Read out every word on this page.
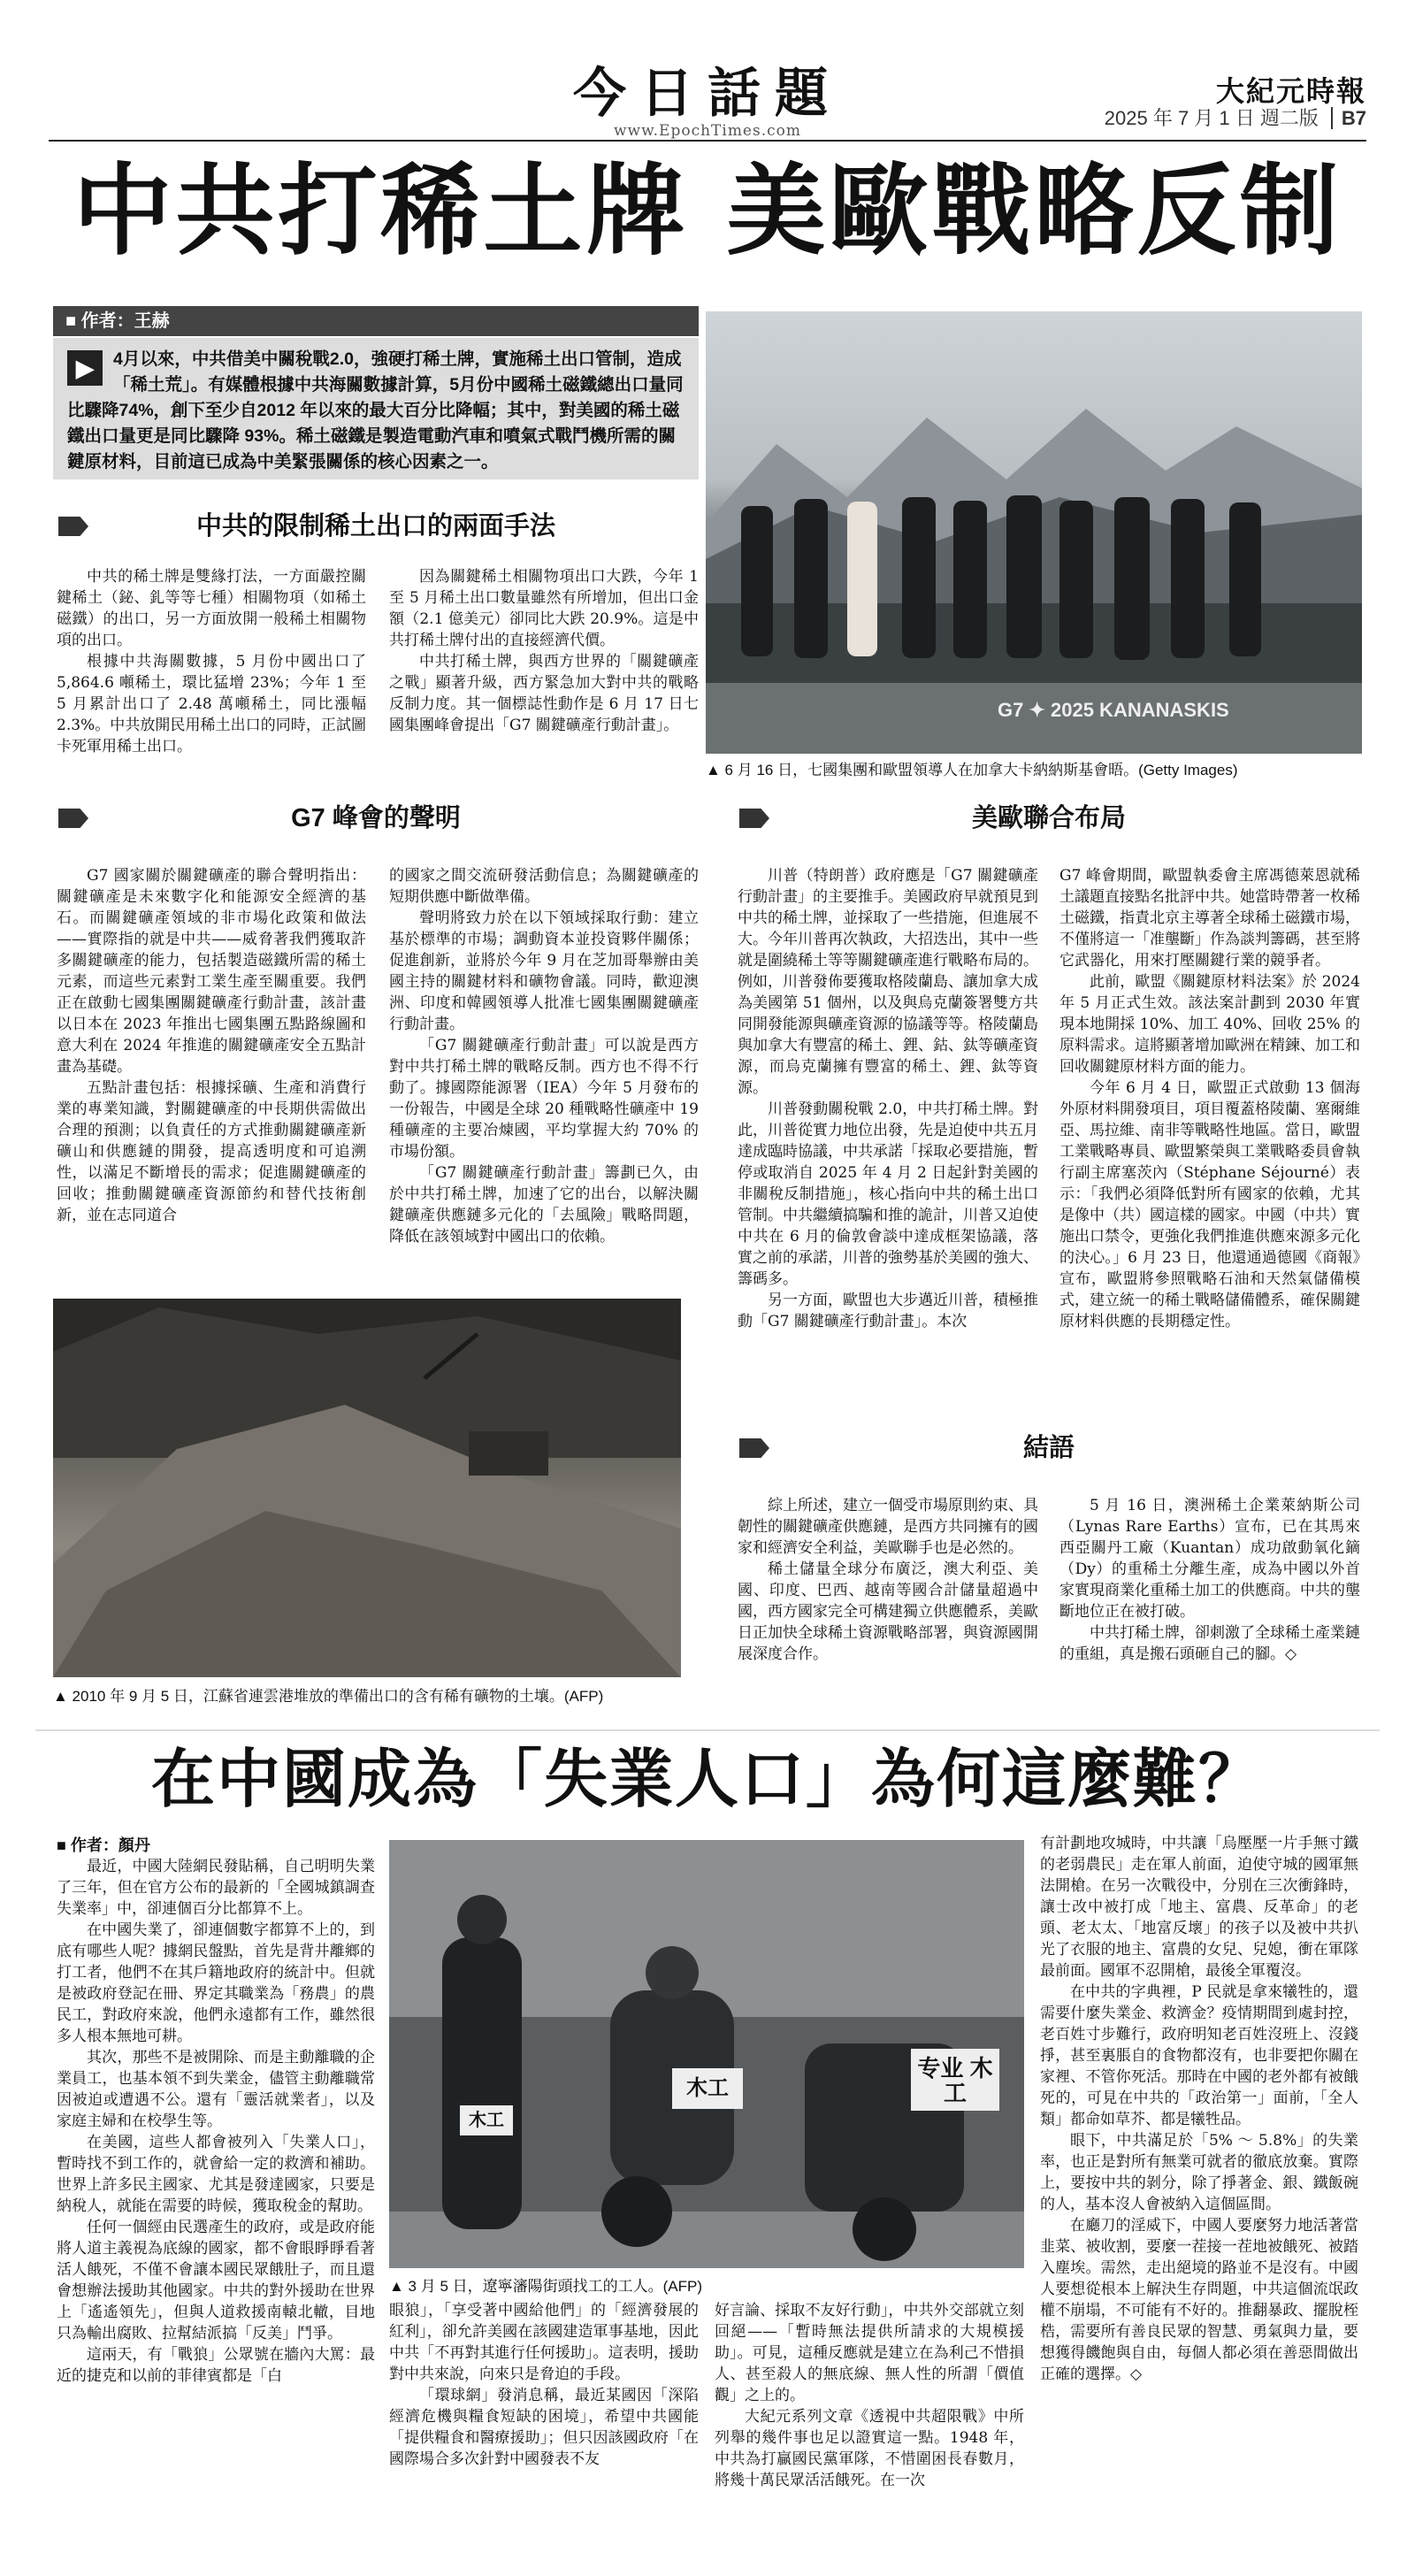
今日話題
www.EpochTimes.com
大紀元時報
2025 年 7 月 1 日 週二版 B7
中共打稀土牌 美歐戰略反制
■ 作者：王赫
▶	4月以來，中共借美中關稅戰2.0，強硬打稀土牌，實施稀土出口管制，造成「稀土荒」。有媒體根據中共海關數據計算，5月份中國稀土磁鐵總出口量同比驟降74%，創下至少自2012 年以來的最大百分比降幅；其中，對美國的稀土磁鐵出口量更是同比驟降 93%。稀土磁鐵是製造電動汽車和噴氣式戰鬥機所需的關鍵原材料，目前這已成為中美緊張關係的核心因素之一。
G7 ✦ 2025 KANANASKIS
▲ 6 月 16 日，七國集團和歐盟領導人在加拿大卡納納斯基會晤。(Getty Images)
中共的限制稀土出口的兩面手法

中共的稀土牌是雙緣打法，一方面嚴控關鍵稀土（鉍、釓等等七種）相關物項（如稀土磁鐵）的出口，另一方面放開一般稀土相關物項的出口。

根據中共海關數據，5 月份中國出口了 5,864.6 噸稀土，環比猛增 23%；今年 1 至 5 月累計出口了 2.48 萬噸稀土，同比漲幅 2.3%。中共放開民用稀土出口的同時，正試圖卡死軍用稀土出口。

因為關鍵稀土相關物項出口大跌，今年 1 至 5 月稀土出口數量雖然有所增加，但出口金額（2.1 億美元）卻同比大跌 20.9%。這是中共打稀土牌付出的直接經濟代價。

中共打稀土牌，與西方世界的「關鍵礦產之戰」顯著升級，西方緊急加大對中共的戰略反制力度。其一個標誌性動作是 6 月 17 日七國集團峰會提出「G7 關鍵礦產行動計畫」。

G7 峰會的聲明

G7 國家關於關鍵礦產的聯合聲明指出：關鍵礦產是未來數字化和能源安全經濟的基石。而關鍵礦產領域的非市場化政策和做法——實際指的就是中共——威脅著我們獲取許多關鍵礦產的能力，包括製造磁鐵所需的稀土元素，而這些元素對工業生產至關重要。我們正在啟動七國集團關鍵礦產行動計畫，該計畫以日本在 2023 年推出七國集團五點路線圖和意大利在 2024 年推進的關鍵礦產安全五點計畫為基礎。

五點計畫包括：根據採礦、生產和消費行業的專業知識，對關鍵礦產的中長期供需做出合理的預測；以負責任的方式推動關鍵礦產新礦山和供應鏈的開發，提高透明度和可追溯性，以滿足不斷增長的需求；促進關鍵礦產的回收；推動關鍵礦產資源節約和替代技術創新，並在志同道合

的國家之間交流研發活動信息；為關鍵礦產的短期供應中斷做準備。

聲明將致力於在以下領域採取行動：建立基於標準的市場；調動資本並投資夥伴關係；促進創新，並將於今年 9 月在芝加哥舉辦由美國主持的關鍵材料和礦物會議。同時，歡迎澳洲、印度和韓國領導人批准七國集團關鍵礦產行動計畫。

「G7 關鍵礦產行動計畫」可以說是西方對中共打稀土牌的戰略反制。西方也不得不行動了。據國際能源署（IEA）今年 5 月發布的一份報告，中國是全球 20 種戰略性礦產中 19 種礦產的主要冶煉國，平均掌握大約 70% 的市場份額。

「G7 關鍵礦產行動計畫」籌劃已久，由於中共打稀土牌，加速了它的出台，以解決關鍵礦產供應鏈多元化的「去風險」戰略問題，降低在該領域對中國出口的依賴。

美歐聯合布局

川普（特朗普）政府應是「G7 關鍵礦產行動計畫」的主要推手。美國政府早就預見到中共的稀土牌，並採取了一些措施，但進展不大。今年川普再次執政，大招迭出，其中一些就是圍繞稀土等等關鍵礦產進行戰略布局的。例如，川普發佈要獲取格陵蘭島、讓加拿大成為美國第 51 個州，以及與烏克蘭簽署雙方共同開發能源與礦產資源的協議等等。格陵蘭島與加拿大有豐富的稀土、鋰、鈷、鈦等礦產資源，而烏克蘭擁有豐富的稀土、鋰、鈦等資源。

川普發動關稅戰 2.0，中共打稀土牌。對此，川普從實力地位出發，先是迫使中共五月達成臨時協議，中共承諾「採取必要措施，暫停或取消自 2025 年 4 月 2 日起針對美國的非關稅反制措施」，核心指向中共的稀土出口管制。中共繼續搞騙和推的詭計，川普又迫使中共在 6 月的倫敦會談中達成框架協議，落實之前的承諾，川普的強勢基於美國的強大、籌碼多。

另一方面，歐盟也大步邁近川普，積極推動「G7 關鍵礦產行動計畫」。本次

G7 峰會期間，歐盟執委會主席馮德萊恩就稀土議題直接點名批評中共。她當時帶著一枚稀土磁鐵，指責北京主導著全球稀土磁鐵市場，不僅將這一「准壟斷」作為談判籌碼，甚至將它武器化，用來打壓關鍵行業的競爭者。

此前，歐盟《關鍵原材料法案》於 2024 年 5 月正式生效。該法案計劃到 2030 年實現本地開採 10%、加工 40%、回收 25% 的原料需求。這將顯著增加歐洲在精鍊、加工和回收關鍵原材料方面的能力。

今年 6 月 4 日，歐盟正式啟動 13 個海外原材料開發項目，項目覆蓋格陵蘭、塞爾維亞、馬拉維、南非等戰略性地區。當日，歐盟工業戰略專員、歐盟繁榮與工業戰略委員會執行副主席塞茨內（Stéphane Séjourné）表示：「我們必須降低對所有國家的依賴，尤其是像中（共）國這樣的國家。中國（中共）實施出口禁令，更強化我們推進供應來源多元化的決心。」6 月 23 日，他還通過德國《商報》宣布，歐盟將參照戰略石油和天然氣儲備模式，建立統一的稀土戰略儲備體系，確保關鍵原材料供應的長期穩定性。

▲ 2010 年 9 月 5 日，江蘇省連雲港堆放的準備出口的含有稀有礦物的土壤。(AFP)
結語

綜上所述，建立一個受市場原則約束、具韌性的關鍵礦產供應鏈，是西方共同擁有的國家和經濟安全利益，美歐聯手也是必然的。

稀土儲量全球分布廣泛，澳大利亞、美國、印度、巴西、越南等國合計儲量超過中國，西方國家完全可構建獨立供應體系，美歐日正加快全球稀土資源戰略部署，與資源國開展深度合作。

5 月 16 日，澳洲稀土企業萊納斯公司（Lynas Rare Earths）宣布，已在其馬來西亞關丹工廠（Kuantan）成功啟動氧化鏑（Dy）的重稀土分離生產，成為中國以外首家實現商業化重稀土加工的供應商。中共的壟斷地位正在被打破。

中共打稀土牌，卻刺激了全球稀土產業鏈的重組，真是搬石頭砸自己的腳。◇

在中國成為「失業人口」為何這麼難？
■ 作者：顏丹

最近，中國大陸網民發貼稱，自己明明失業了三年，但在官方公布的最新的「全國城鎮調查失業率」中，卻連個百分比都算不上。

在中國失業了，卻連個數字都算不上的，到底有哪些人呢？據網民盤點，首先是背井離鄉的打工者，他們不在其戶籍地政府的統計中。但就是被政府登記在冊、界定其職業為「務農」的農民工，對政府來說，他們永遠都有工作，雖然很多人根本無地可耕。

其次，那些不是被開除、而是主動離職的企業員工，也基本領不到失業金，儘管主動離職常因被迫或遭遇不公。還有「靈活就業者」，以及家庭主婦和在校學生等。

在美國，這些人都會被列入「失業人口」，暫時找不到工作的，就會給一定的救濟和補助。世界上許多民主國家、尤其是發達國家，只要是納稅人，就能在需要的時候，獲取稅金的幫助。

任何一個經由民選產生的政府，或是政府能將人道主義視為底線的國家，都不會眼睜睜看著活人餓死，不僅不會讓本國民眾餓肚子，而且還會想辦法援助其他國家。中共的對外援助在世界上「遙遙領先」，但與人道救援南轅北轍，目地只為輸出腐敗、拉幫結派搞「反美」鬥爭。

這兩天，有「戰狼」公眾號在牆內大罵：最近的捷克和以前的菲律賓都是「白

木工
专业 木工
木工
▲ 3 月 5 日，遼寧瀋陽街頭找工的工人。(AFP)

眼狼」，「享受著中國給他們」的「經濟發展的紅利」，卻允許美國在該國建造軍事基地，因此中共「不再對其進行任何援助」。這表明，援助對中共來說，向來只是脅迫的手段。

「環球網」發消息稱，最近某國因「深陷經濟危機與糧食短缺的困境」，希望中共國能「提供糧食和醫療援助」；但只因該國政府「在國際場合多次針對中國發表不友

好言論、採取不友好行動」，中共外交部就立刻回絕——「暫時無法提供所請求的大規模援助」。可見，這種反應就是建立在為利己不惜損人、甚至殺人的無底線、無人性的所謂「價值觀」之上的。

大紀元系列文章《透視中共超限戰》中所列舉的幾件事也足以證實這一點。1948 年，中共為打贏國民黨軍隊，不惜圍困長春數月，將幾十萬民眾活活餓死。在一次

有計劃地攻城時，中共讓「烏壓壓一片手無寸鐵的老弱農民」走在軍人前面，迫使守城的國軍無法開槍。在另一次戰役中，分別在三次衝鋒時，讓士改中被打成「地主、富農、反革命」的老頭、老太太、「地富反壞」的孩子以及被中共扒光了衣服的地主、富農的女兒、兒媳，衝在軍隊最前面。國軍不忍開槍，最後全軍覆沒。

在中共的字典裡，P 民就是拿來犧牲的，還需要什麼失業金、救濟金？疫情期間到處封控，老百姓寸步難行，政府明知老百姓沒班上、沒錢掙，甚至裏脹自的食物都沒有，也非要把你關在家裡、不管你死活。那時在中國的老外都有被餓死的，可見在中共的「政治第一」面前，「全人類」都命如草芥、都是犧牲品。

眼下，中共滿足於「5% 〜 5.8%」的失業率，也正是對所有無業可就者的徹底放棄。實際上，要按中共的剝分，除了掙著金、銀、鐵飯碗的人，基本沒人會被納入這個區間。

在廳刀的淫威下，中國人要麼努力地活著當韭菜、被收割，要麼一茬接一茬地被餓死、被踏入塵埃。需然，走出絕境的路並不是沒有。中國人要想從根本上解決生存問題，中共這個流氓政權不崩塌，不可能有不好的。推翻暴政、擺脫桎梏，需要所有善良民眾的智慧、勇氣與力量，要想獲得饑飽與自由，每個人都必須在善惡間做出正確的選擇。◇
